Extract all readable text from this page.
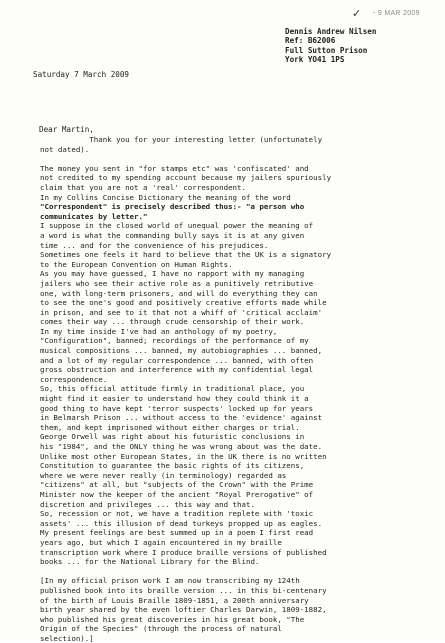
✓ - 9 MAR 2009
Dennis Andrew Nilsen
Ref: B62006
Full Sutton Prison
York YO41 1PS
Saturday 7 March 2009
Dear Martin,
Thank you for your interesting letter (unfortunately
not dated).
The money you sent in "for stamps etc" was 'confiscated' and
not credited to my spending account because my jailers spuriously
claim that you are not a 'real' correspondent.
In my Collins Concise Dictionary the meaning of the word
"Correspondent" is precisely described thus:- "a person who
communicates by letter."
I suppose in the closed world of unequal power the meaning of
a word is what the commanding bully says it is at any given
time ... and for the convenience of his prejudices.
Sometimes one feels it hard to believe that the UK is a signatory
to the European Convention on Human Rights.
As you may have guessed, I have no rapport with my managing
jailers who see their active role as a punitively retributive
one, with long-term prisoners, and will do everything they can
to see the one's good and positively creative efforts made while
in prison, and see to it that not a whiff of 'critical acclaim'
comes their way ... through crude censorship of their work.
In my time inside I've had an anthology of my poetry,
"Configuration", banned; recordings of the performance of my
musical compositions ... banned, my autobiographies ... banned,
and a lot of my regular correspondence ... banned, with often
gross obstruction and interference with my confidential legal
correspondence.
So, this official attitude firmly in traditional place, you
might find it easier to understand how they could think it a
good thing to have kept 'terror suspects' locked up for years
in Belmarsh Prison ... without access to the 'evidence' against
them, and kept imprisoned without either charges or trial.
George Orwell was right about his futuristic conclusions in
his "1984", and the ONLY thing he was wrong about was the date.
Unlike most other European States, in the UK there is no written
Constitution to guarantee the basic rights of its citizens,
where we were never really (in terminology) regarded as
"citizens" at all, but "subjects of the Crown" with the Prime
Minister now the keeper of the ancient "Royal Prerogative" of
discretion and privileges ... this way and that.
So, recession or not, we have a tradition replete with 'toxic
assets' ... this illusion of dead turkeys propped up as eagles.
My present feelings are best summed up in a poem I first read
years ago, but which I again encountered in my braille
transcription work where I produce braille versions of published
books ... for the National Library for the Blind.
[In my official prison work I am now transcribing my 124th
published book into its braille version ... in this bi-centenary
of the birth of Louis Braille 1809-1851, a 200th anniversary
birth year shared by the even loftier Charles Darwin, 1809-1882,
who published his great discoveries in his great book, "The
Origin of the Species" (through the process of natural
selection).]
